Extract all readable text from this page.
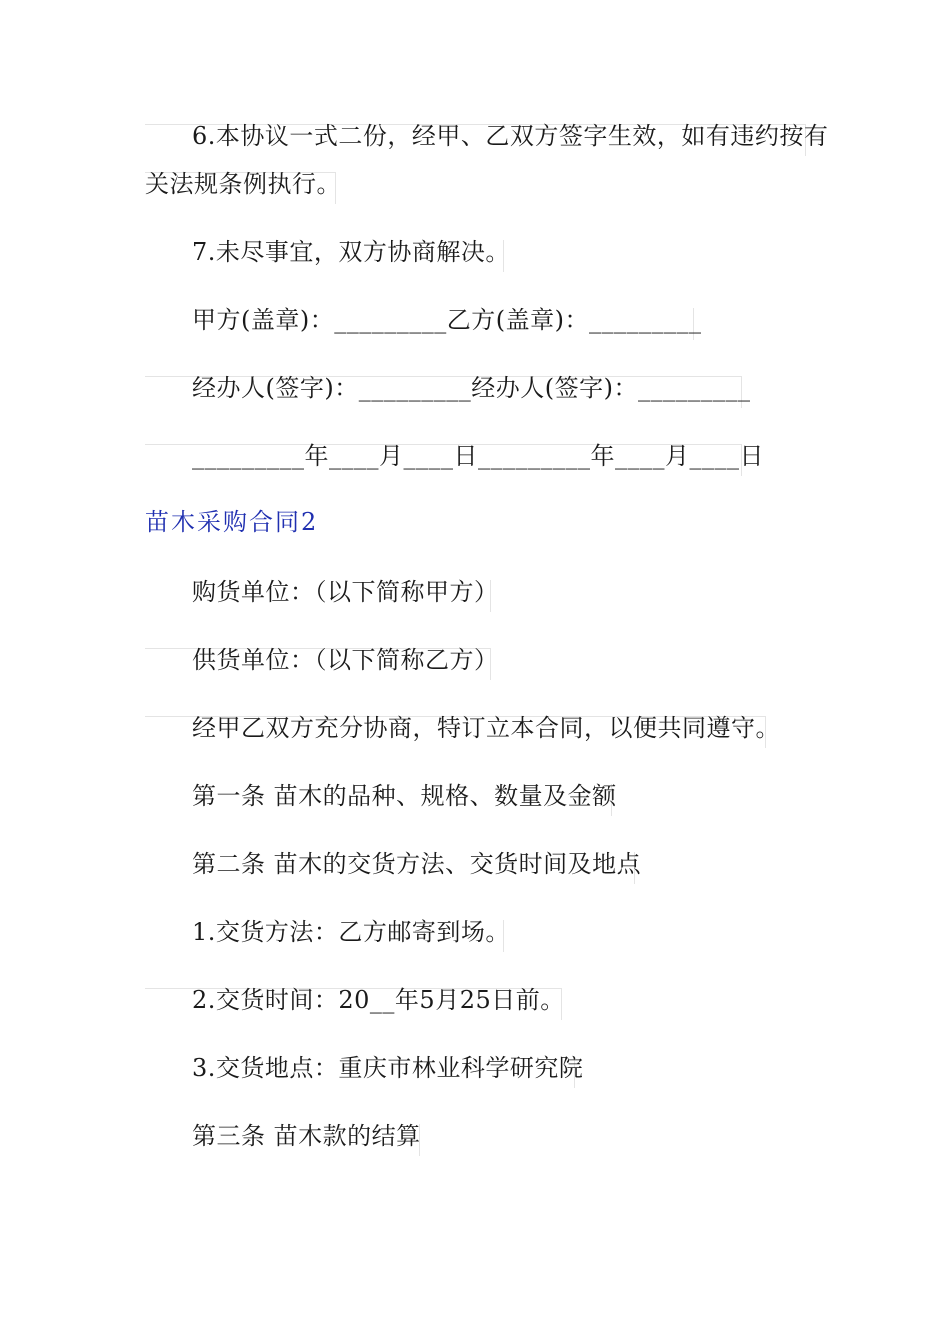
6.本协议一式二份，经甲、乙双方签字生效，如有违约按有
关法规条例执行。
7.未尽事宜，双方协商解决。
甲方(盖章)：_________乙方(盖章)：_________
经办人(签字)：_________经办人(签字)：_________
_________年____月____日_________年____月____日
苗木采购合同2
购货单位：（以下简称甲方）
供货单位：（以下简称乙方）
经甲乙双方充分协商，特订立本合同，以便共同遵守。
第一条 苗木的品种、规格、数量及金额
第二条 苗木的交货方法、交货时间及地点
1.交货方法：乙方邮寄到场。
2.交货时间：20__年5月25日前。
3.交货地点：重庆市林业科学研究院
第三条 苗木款的结算
